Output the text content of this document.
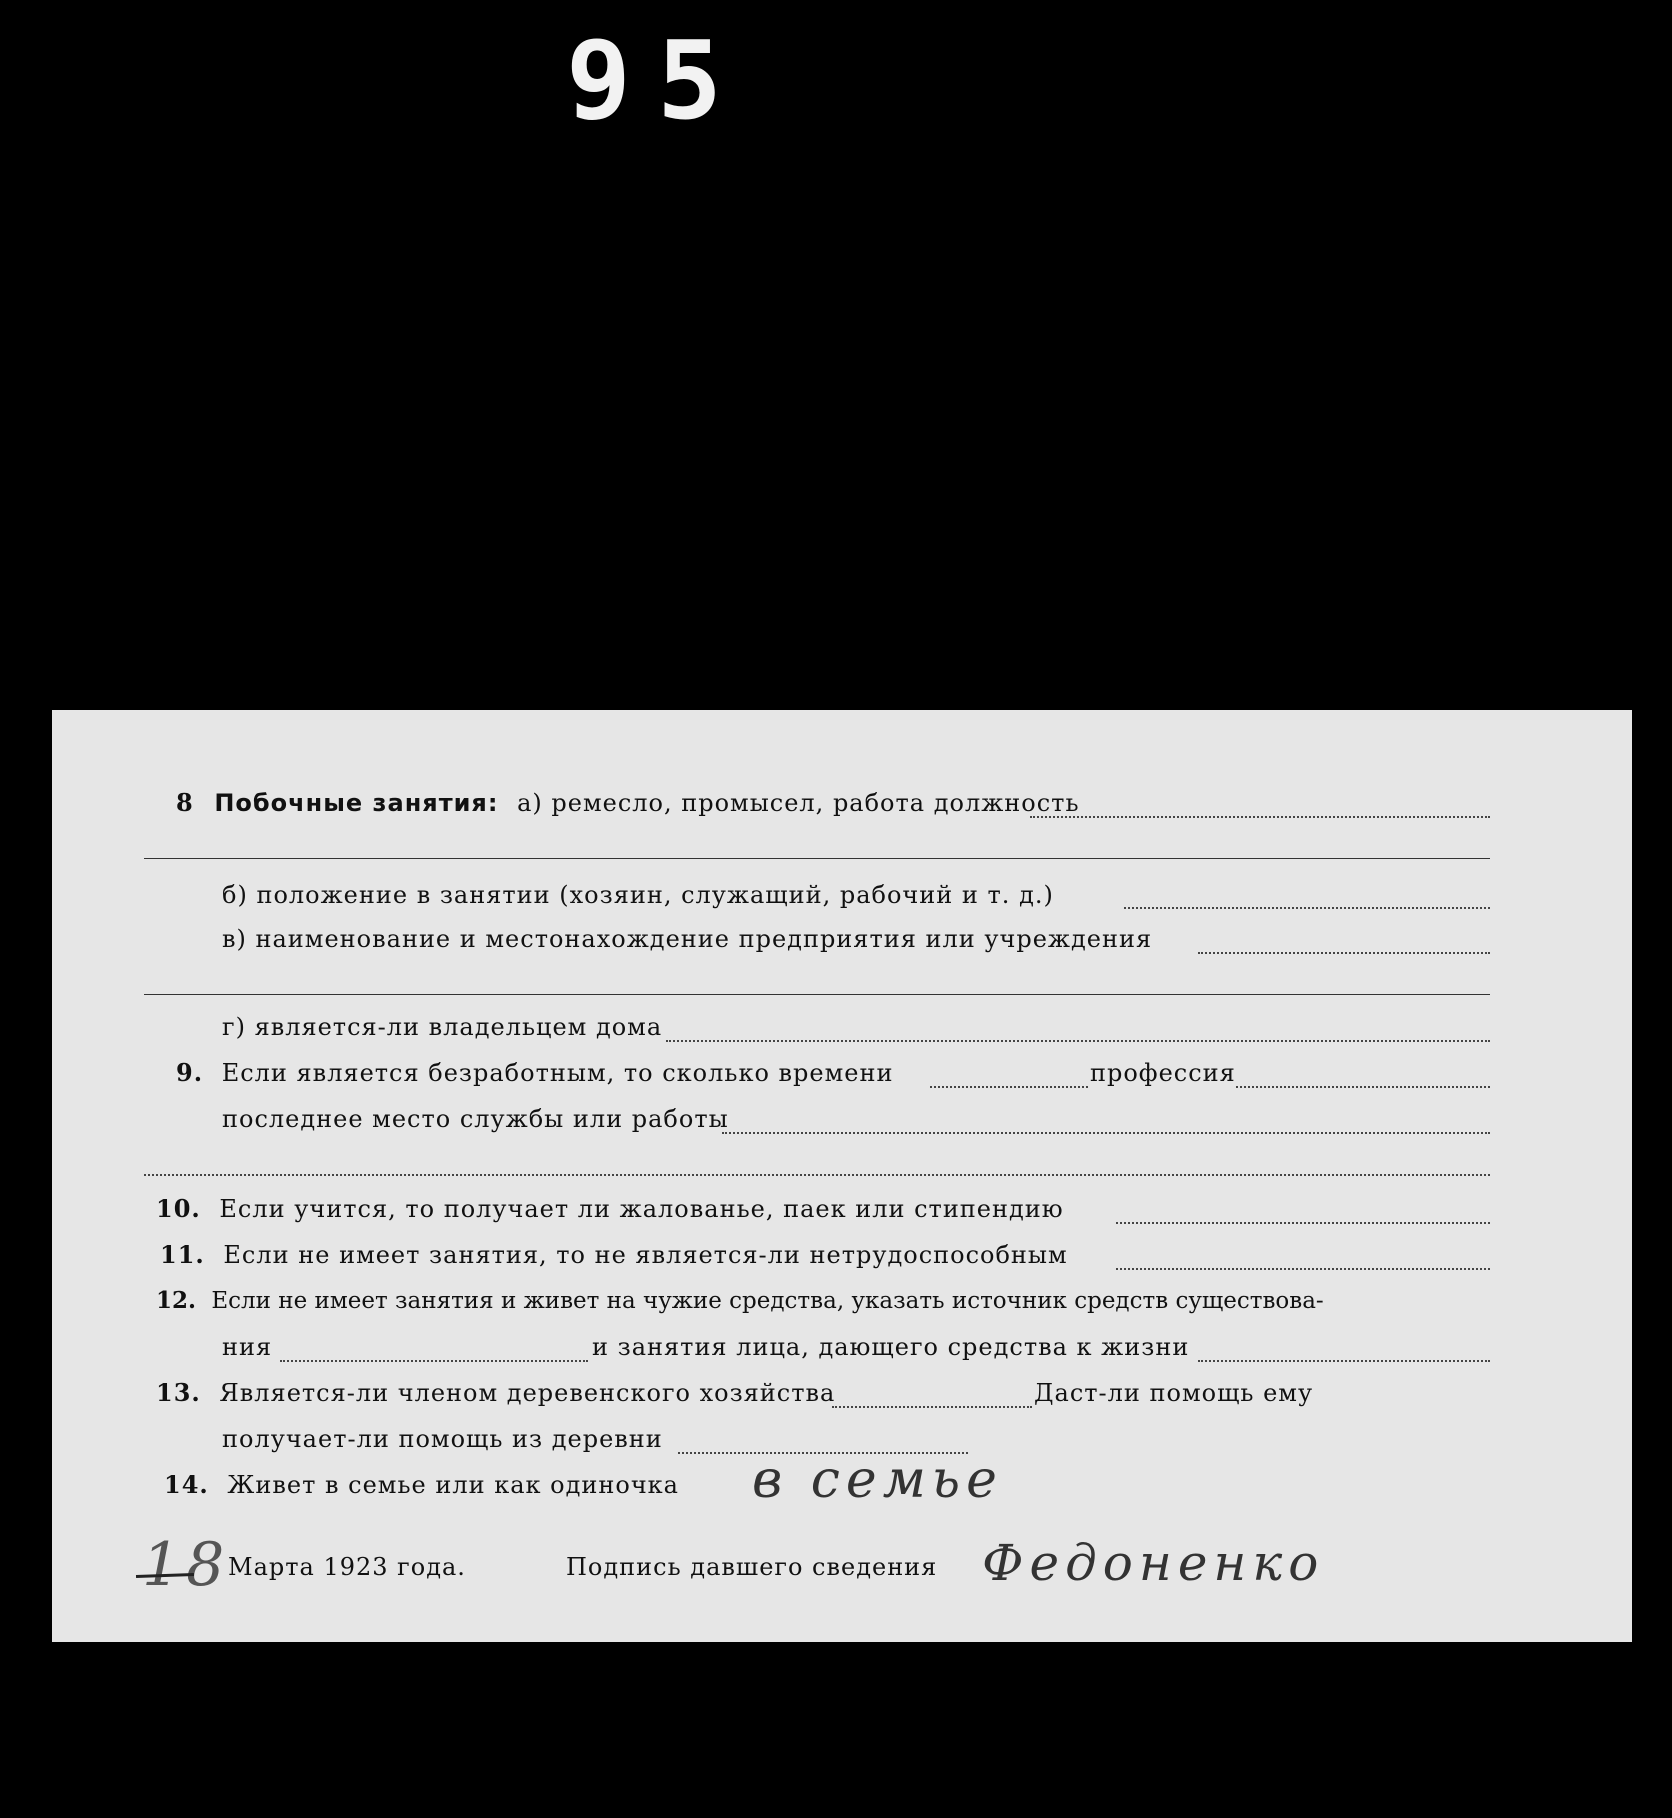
95
8 Побочные занятия: а) ремесло, промысел, работа должность
б) положение в занятии (хозяин, служащий, рабочий и т. д.)
в) наименование и местонахождение предприятия или учреждения
г) является-ли владельцем дома
9. Если является безработным, то сколько времени	профессия
последнее место службы или работы
10. Если учится, то получает ли жалованье, паек или стипендию
11. Если не имеет занятия, то не является-ли нетрудоспособным
12. Если не имеет занятия и живет на чужие средства, указать источник средств существова-
ния	и занятия лица, дающего средства к жизни
13. Является-ли членом деревенского хозяйства	Даст-ли помощь ему
получает-ли помощь из деревни
14. Живет в семье или как одиночка в семье
18
Марта 1923 года.	Подпись давшего сведения Федоненко
